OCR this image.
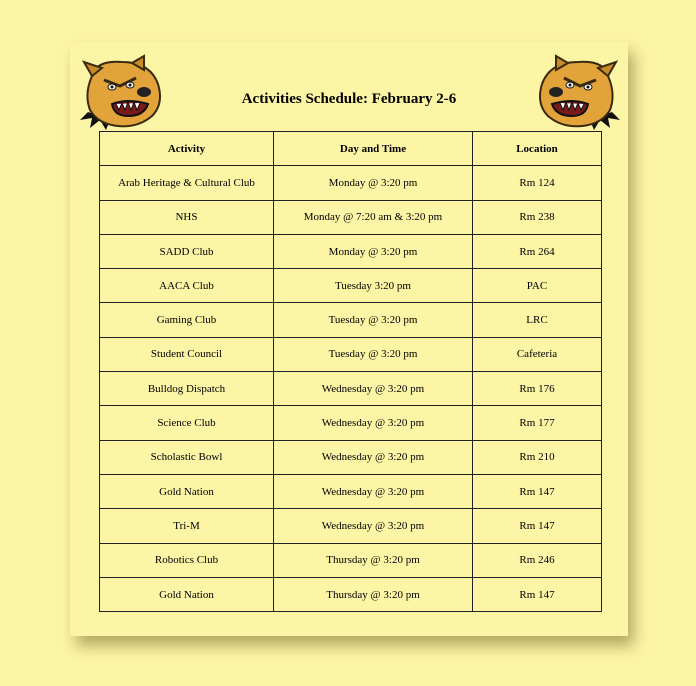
Activities Schedule: February 2-6
Activity	Day and Time	Location
Arab Heritage & Cultural Club	Monday @ 3:20 pm	Rm 124
NHS	Monday @ 7:20 am & 3:20 pm	Rm 238
SADD Club	Monday @ 3:20 pm	Rm 264
AACA Club	Tuesday 3:20 pm	PAC
Gaming Club	Tuesday @ 3:20 pm	LRC
Student Council	Tuesday @ 3:20 pm	Cafeteria
Bulldog Dispatch	Wednesday @ 3:20 pm	Rm 176
Science Club	Wednesday @ 3:20 pm	Rm 177
Scholastic Bowl	Wednesday @ 3:20 pm	Rm 210
Gold Nation	Wednesday @ 3:20 pm	Rm 147
Tri-M	Wednesday @ 3:20 pm	Rm 147
Robotics Club	Thursday @ 3:20 pm	Rm 246
Gold Nation	Thursday @ 3:20 pm	Rm 147
